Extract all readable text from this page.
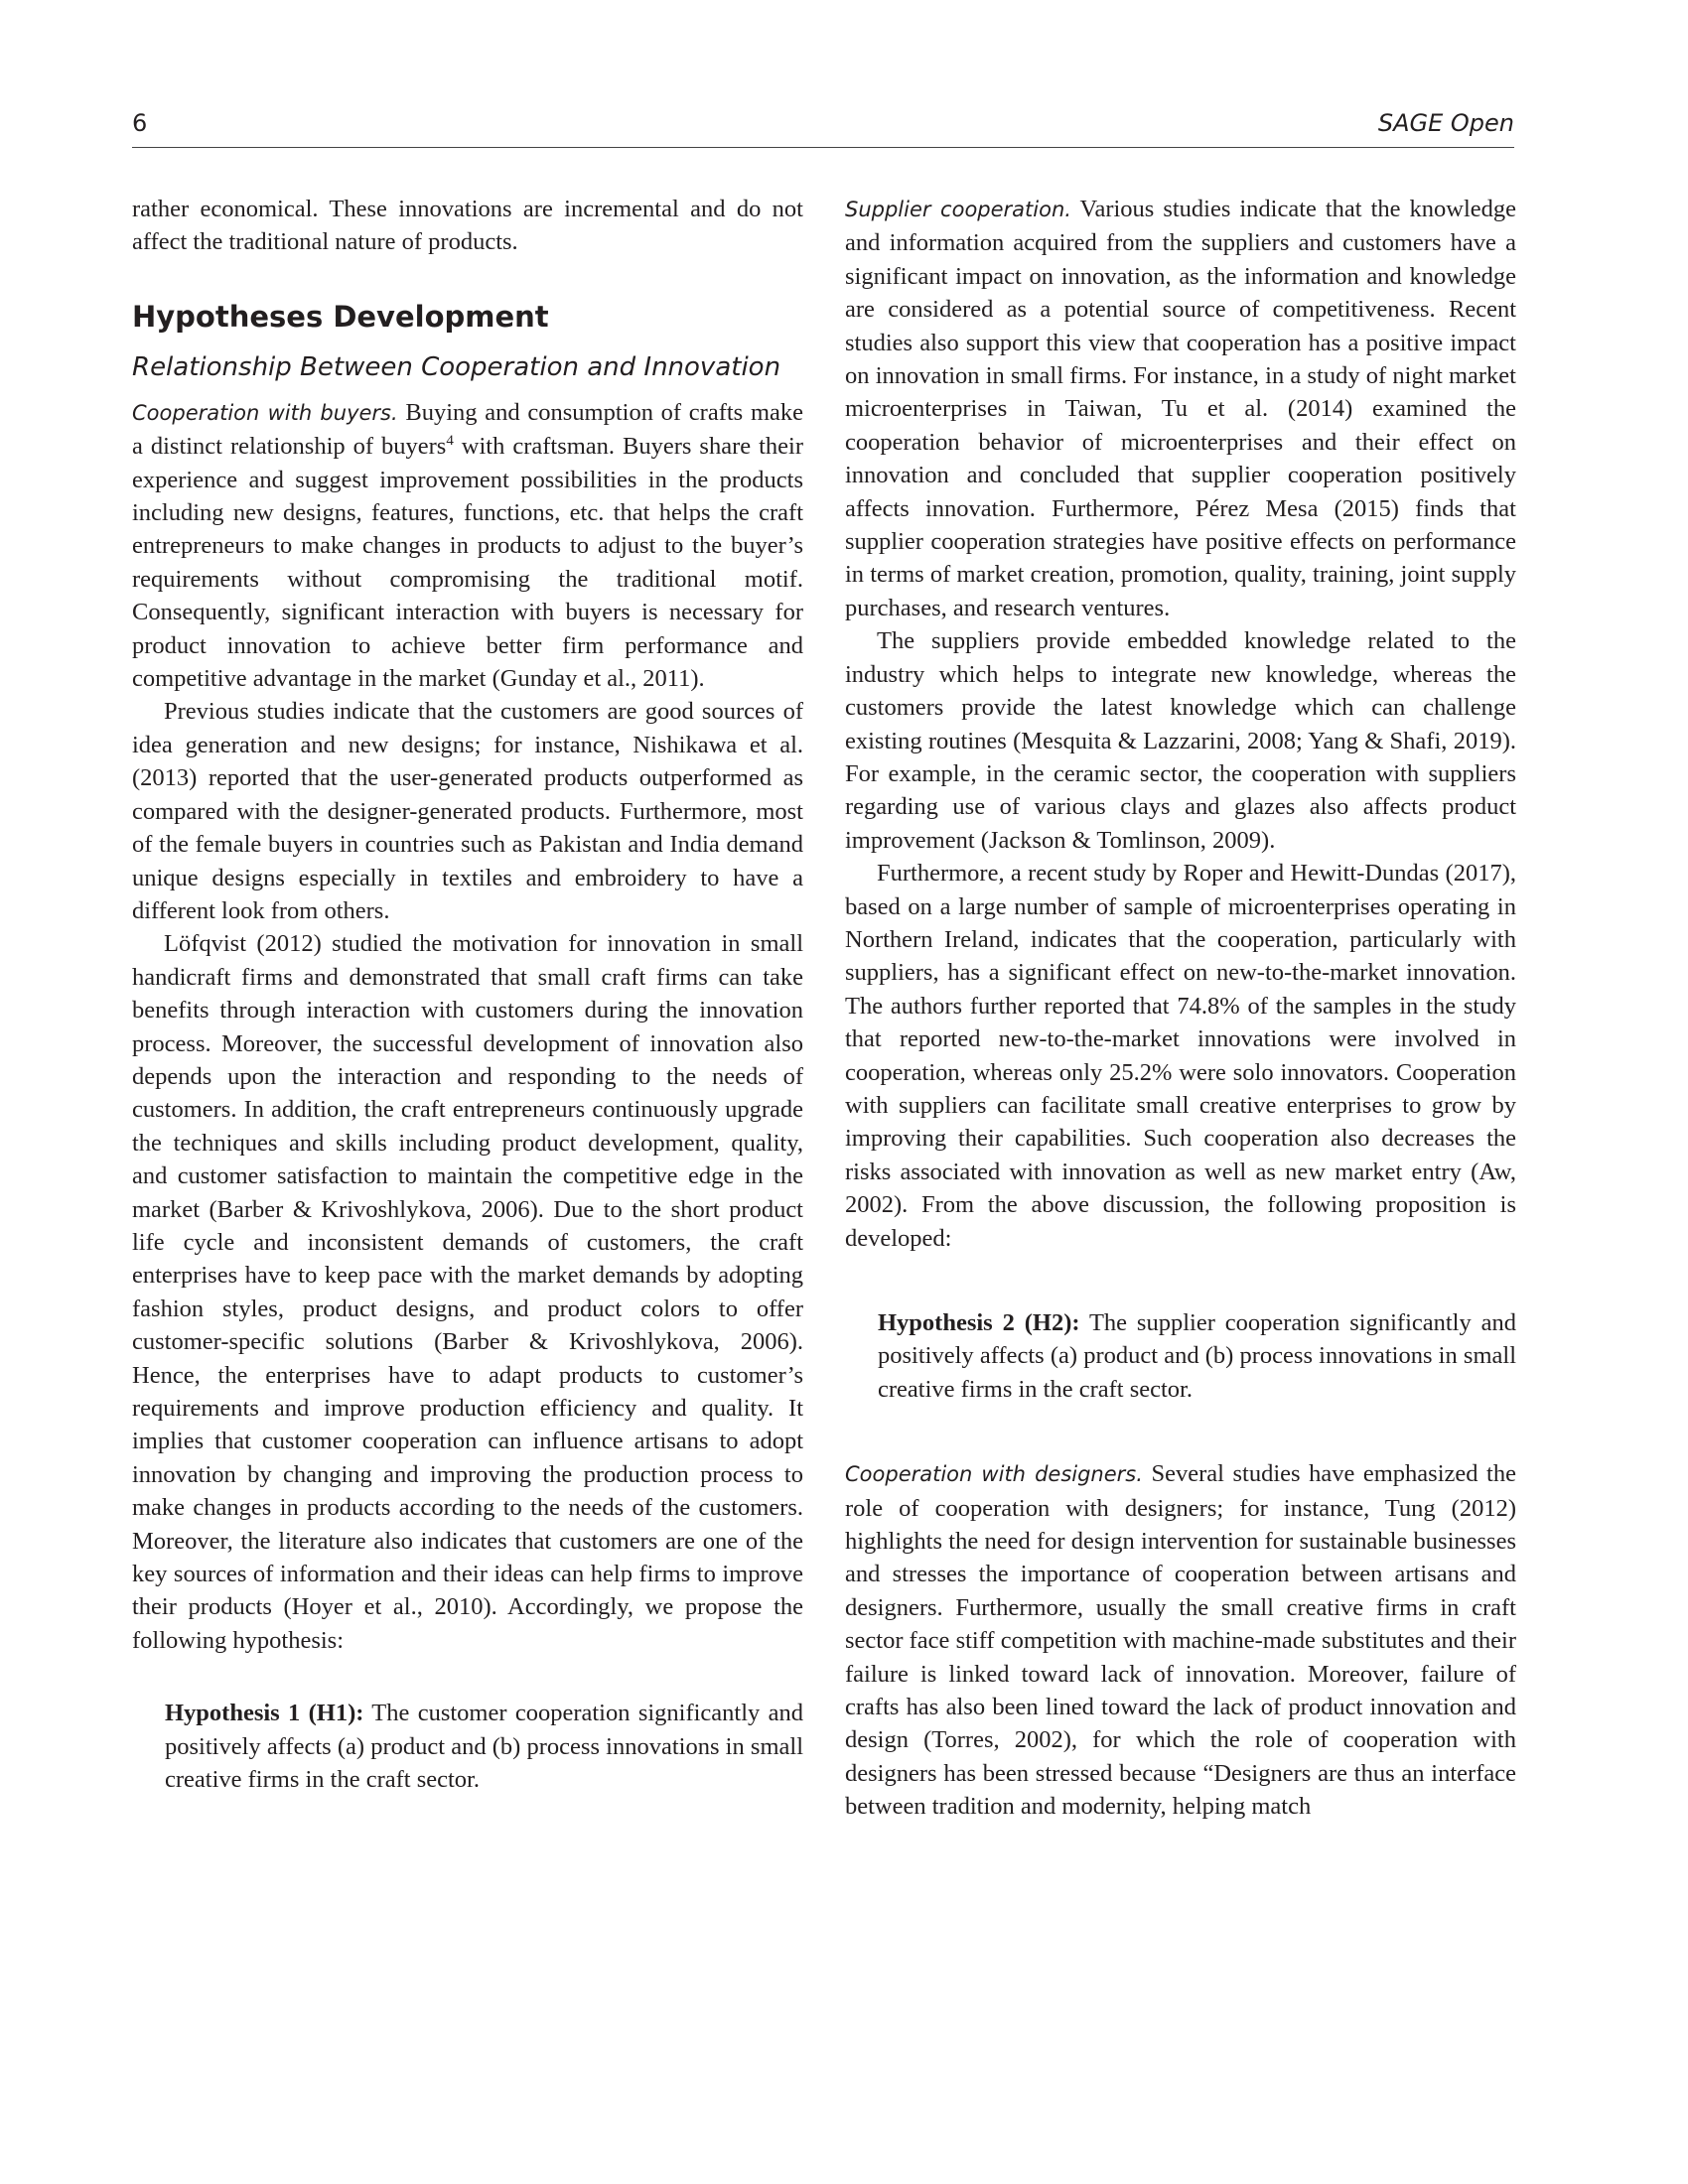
6	SAGE Open

rather economical. These innovations are incremental and do not affect the traditional nature of products.

Hypotheses Development
Relationship Between Cooperation and Innovation

Cooperation with buyers. Buying and consumption of crafts make a distinct relationship of buyers$^4$ with craftsman. Buyers share their experience and suggest improvement possibilities in the products including new designs, features, functions, etc. that helps the craft entrepreneurs to make changes in products to adjust to the buyer’s requirements without compromising the traditional motif. Consequently, significant interaction with buyers is necessary for product innovation to achieve better firm performance and competitive advantage in the market (Gunday et al., 2011).

Previous studies indicate that the customers are good sources of idea generation and new designs; for instance, Nishikawa et al. (2013) reported that the user-generated products outperformed as compared with the designer-generated products. Furthermore, most of the female buyers in countries such as Pakistan and India demand unique designs especially in textiles and embroidery to have a different look from others.

Löfqvist (2012) studied the motivation for innovation in small handicraft firms and demonstrated that small craft firms can take benefits through interaction with customers during the innovation process. Moreover, the successful development of innovation also depends upon the interaction and responding to the needs of customers. In addition, the craft entrepreneurs continuously upgrade the techniques and skills including product development, quality, and customer satisfaction to maintain the competitive edge in the market (Barber & Krivoshlykova, 2006). Due to the short product life cycle and inconsistent demands of customers, the craft enterprises have to keep pace with the market demands by adopting fashion styles, product designs, and product colors to offer customer-specific solutions (Barber & Krivoshlykova, 2006). Hence, the enterprises have to adapt products to customer’s requirements and improve production efficiency and quality. It implies that customer cooperation can influence artisans to adopt innovation by changing and improving the production process to make changes in products according to the needs of the customers. Moreover, the literature also indicates that customers are one of the key sources of information and their ideas can help firms to improve their products (Hoyer et al., 2010). Accordingly, we propose the following hypothesis:

Hypothesis 1 (H1): The customer cooperation significantly and positively affects (a) product and (b) process innovations in small creative firms in the craft sector.

Supplier cooperation. Various studies indicate that the knowledge and information acquired from the suppliers and customers have a significant impact on innovation, as the information and knowledge are considered as a potential source of competitiveness. Recent studies also support this view that cooperation has a positive impact on innovation in small firms. For instance, in a study of night market microenterprises in Taiwan, Tu et al. (2014) examined the cooperation behavior of microenterprises and their effect on innovation and concluded that supplier cooperation positively affects innovation. Furthermore, Pérez Mesa (2015) finds that supplier cooperation strategies have positive effects on performance in terms of market creation, promotion, quality, training, joint supply purchases, and research ventures.

The suppliers provide embedded knowledge related to the industry which helps to integrate new knowledge, whereas the customers provide the latest knowledge which can challenge existing routines (Mesquita & Lazzarini, 2008; Yang & Shafi, 2019). For example, in the ceramic sector, the cooperation with suppliers regarding use of various clays and glazes also affects product improvement (Jackson & Tomlinson, 2009).

Furthermore, a recent study by Roper and Hewitt-Dundas (2017), based on a large number of sample of microenterprises operating in Northern Ireland, indicates that the cooperation, particularly with suppliers, has a significant effect on new-to-the-market innovation. The authors further reported that 74.8% of the samples in the study that reported new-to-the-market innovations were involved in cooperation, whereas only 25.2% were solo innovators. Cooperation with suppliers can facilitate small creative enterprises to grow by improving their capabilities. Such cooperation also decreases the risks associated with innovation as well as new market entry (Aw, 2002). From the above discussion, the following proposition is developed:

Hypothesis 2 (H2): The supplier cooperation significantly and positively affects (a) product and (b) process innovations in small creative firms in the craft sector.

Cooperation with designers. Several studies have emphasized the role of cooperation with designers; for instance, Tung (2012) highlights the need for design intervention for sustainable businesses and stresses the importance of cooperation between artisans and designers. Furthermore, usually the small creative firms in craft sector face stiff competition with machine-made substitutes and their failure is linked toward lack of innovation. Moreover, failure of crafts has also been lined toward the lack of product innovation and design (Torres, 2002), for which the role of cooperation with designers has been stressed because “Designers are thus an interface between tradition and modernity, helping match
